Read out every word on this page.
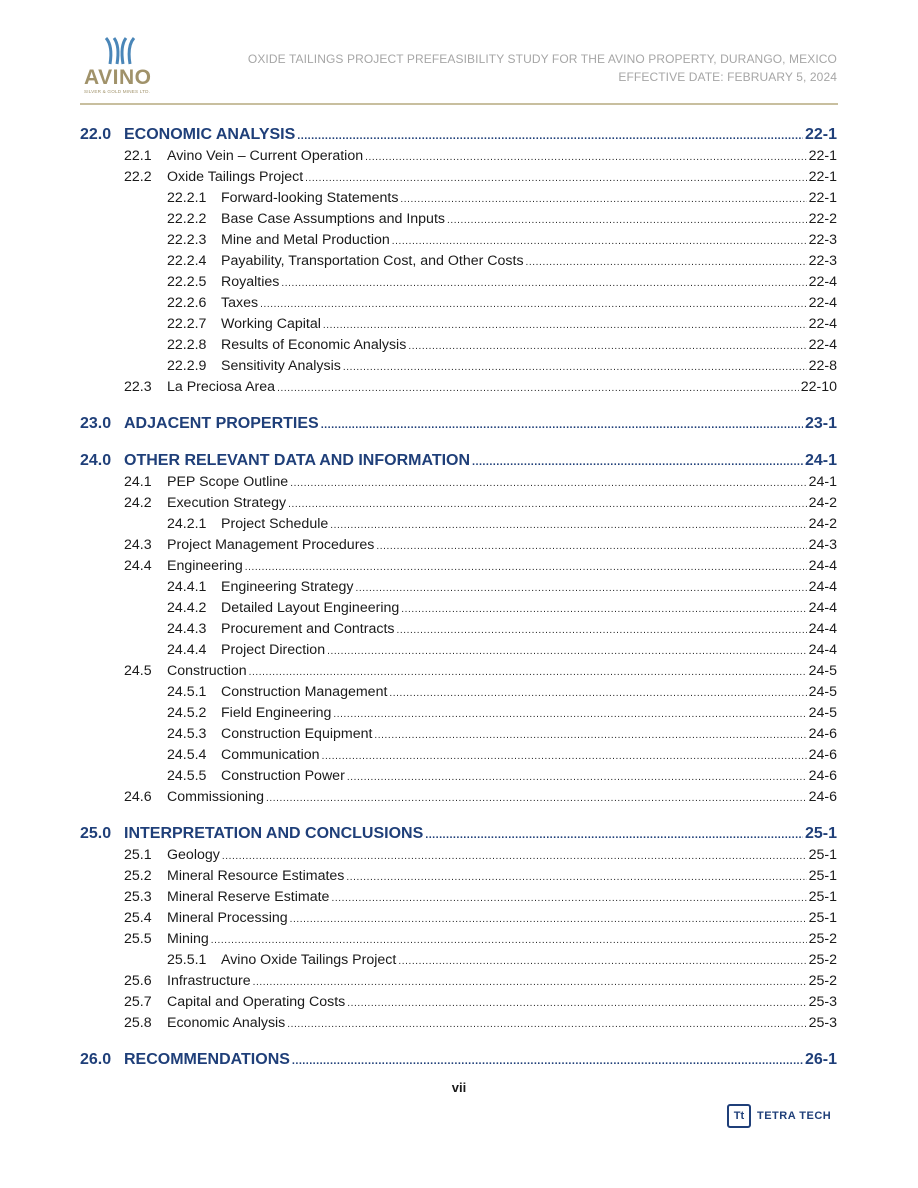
AVINO
SILVER & GOLD MINES LTD.
OXIDE TAILINGS PROJECT PREFEASIBILITY STUDY FOR THE AVINO PROPERTY, DURANGO, MEXICO
EFFECTIVE DATE: FEBRUARY 5, 2024
22.0 ECONOMIC ANALYSIS .....	22-1
22.1	Avino Vein – Current Operation .....	22-1
22.2	Oxide Tailings Project .....	22-1
22.2.1	Forward-looking Statements .....	22-1
22.2.2	Base Case Assumptions and Inputs .....	22-2
22.2.3	Mine and Metal Production .....	22-3
22.2.4	Payability, Transportation Cost, and Other Costs .....	22-3
22.2.5	Royalties .....	22-4
22.2.6	Taxes .....	22-4
22.2.7	Working Capital .....	22-4
22.2.8	Results of Economic Analysis .....	22-4
22.2.9	Sensitivity Analysis .....	22-8
22.3	La Preciosa Area .....	22-10
23.0 ADJACENT PROPERTIES .....	23-1
24.0 OTHER RELEVANT DATA AND INFORMATION .....	24-1
24.1	PEP Scope Outline .....	24-1
24.2	Execution Strategy .....	24-2
24.2.1	Project Schedule .....	24-2
24.3	Project Management Procedures .....	24-3
24.4	Engineering .....	24-4
24.4.1	Engineering Strategy .....	24-4
24.4.2	Detailed Layout Engineering .....	24-4
24.4.3	Procurement and Contracts .....	24-4
24.4.4	Project Direction .....	24-4
24.5	Construction .....	24-5
24.5.1	Construction Management .....	24-5
24.5.2	Field Engineering .....	24-5
24.5.3	Construction Equipment .....	24-6
24.5.4	Communication .....	24-6
24.5.5	Construction Power .....	24-6
24.6	Commissioning .....	24-6
25.0 INTERPRETATION AND CONCLUSIONS .....	25-1
25.1	Geology .....	25-1
25.2	Mineral Resource Estimates .....	25-1
25.3	Mineral Reserve Estimate .....	25-1
25.4	Mineral Processing .....	25-1
25.5	Mining .....	25-2
25.5.1	Avino Oxide Tailings Project .....	25-2
25.6	Infrastructure .....	25-2
25.7	Capital and Operating Costs .....	25-3
25.8	Economic Analysis .....	25-3
26.0 RECOMMENDATIONS .....	26-1
vii
Tt	TETRA TECH
